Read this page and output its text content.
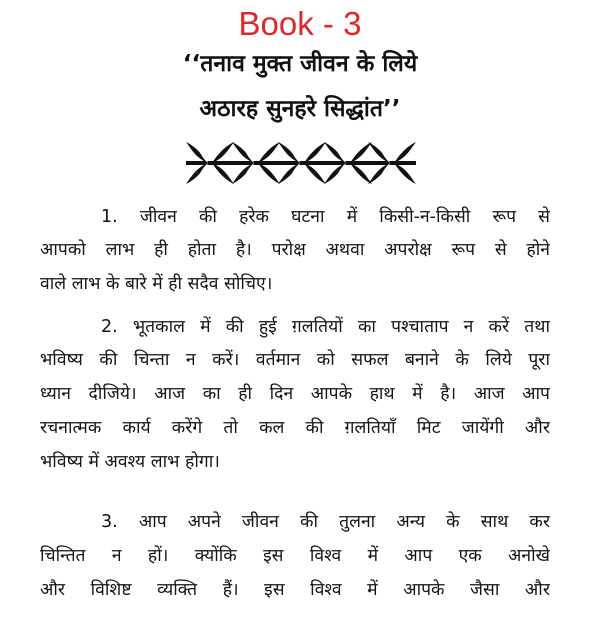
Book - 3
‘‘तनाव मुक्त जीवन के लिये
अठारह सुनहरे सिद्धांत’’
1. जीवन की हरेक घटना में किसी-न-किसी रूप से
आपको लाभ ही होता है। परोक्ष अथवा अपरोक्ष रूप से होने
वाले लाभ के बारे में ही सदैव सोचिए।
2. भूतकाल में की हुई ग़लतियों का पश्चाताप न करें तथा
भविष्य की चिन्ता न करें। वर्तमान को सफल बनाने के लिये पूरा
ध्यान दीजिये। आज का ही दिन आपके हाथ में है। आज आप
रचनात्मक कार्य करेंगे तो कल की ग़लतियाँ मिट जायेंगी और
भविष्य में अवश्य लाभ होगा।
3. आप अपने जीवन की तुलना अन्य के साथ कर
चिन्तित न हों। क्योंकि इस विश्व में आप एक अनोखे
और विशिष्ट व्यक्ति हैं। इस विश्व में आपके जैसा और
